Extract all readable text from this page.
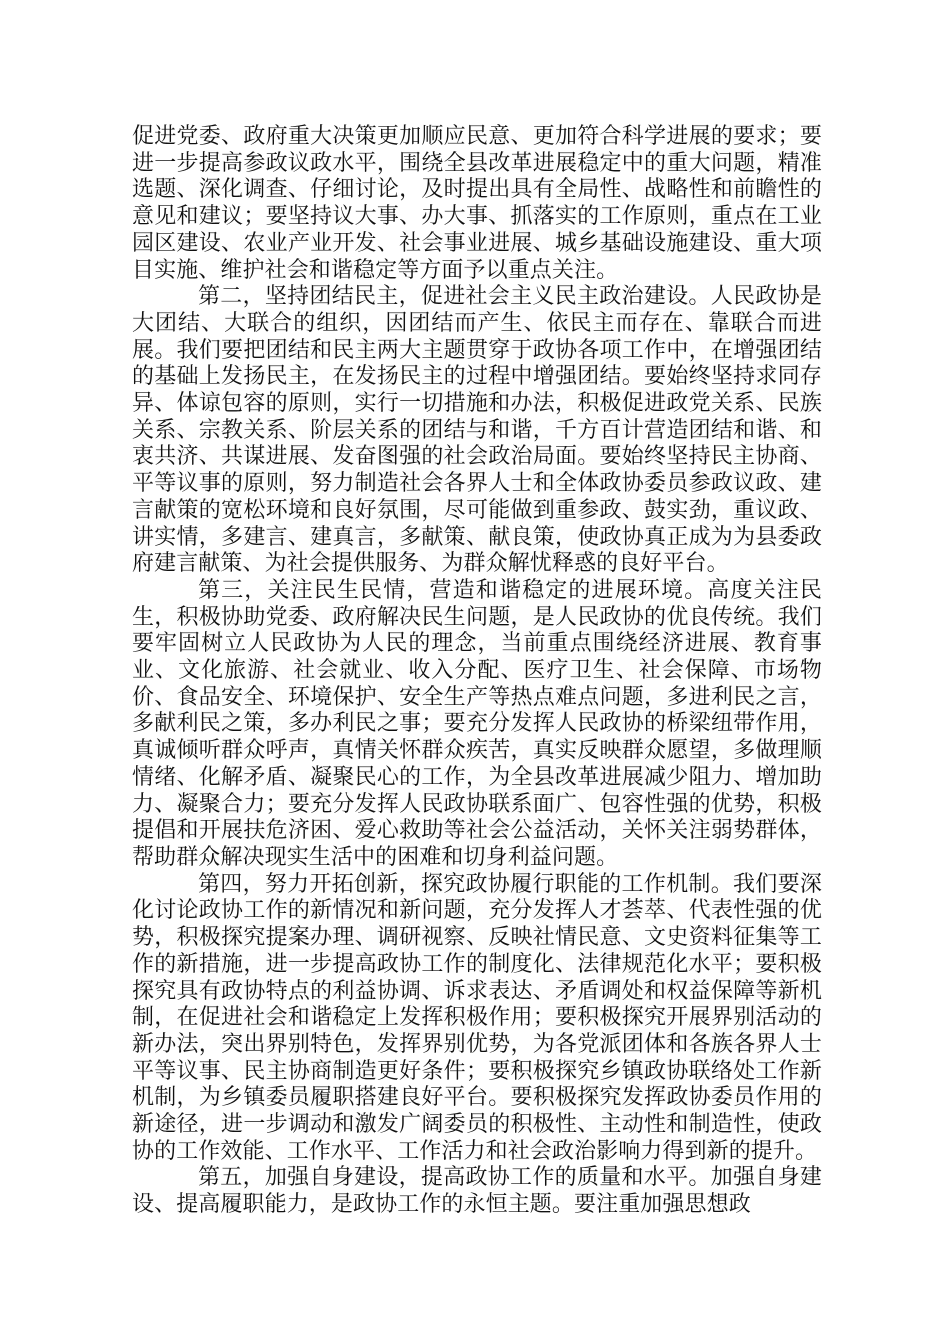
促进党委、政府重大决策更加顺应民意、更加符合科学进展的要求；要进一步提高参政议政水平，围绕全县改革进展稳定中的重大问题，精准选题、深化调查、仔细讨论，及时提出具有全局性、战略性和前瞻性的意见和建议；要坚持议大事、办大事、抓落实的工作原则，重点在工业园区建设、农业产业开发、社会事业进展、城乡基础设施建设、重大项目实施、维护社会和谐稳定等方面予以重点关注。

第二，坚持团结民主，促进社会主义民主政治建设。人民政协是大团结、大联合的组织，因团结而产生、依民主而存在、靠联合而进展。我们要把团结和民主两大主题贯穿于政协各项工作中，在增强团结的基础上发扬民主，在发扬民主的过程中增强团结。要始终坚持求同存异、体谅包容的原则，实行一切措施和办法，积极促进政党关系、民族关系、宗教关系、阶层关系的团结与和谐，千方百计营造团结和谐、和衷共济、共谋进展、发奋图强的社会政治局面。要始终坚持民主协商、平等议事的原则，努力制造社会各界人士和全体政协委员参政议政、建言献策的宽松环境和良好氛围，尽可能做到重参政、鼓实劲，重议政、讲实情，多建言、建真言，多献策、献良策，使政协真正成为为县委政府建言献策、为社会提供服务、为群众解忧释惑的良好平台。

第三，关注民生民情，营造和谐稳定的进展环境。高度关注民生，积极协助党委、政府解决民生问题，是人民政协的优良传统。我们要牢固树立人民政协为人民的理念，当前重点围绕经济进展、教育事业、文化旅游、社会就业、收入分配、医疗卫生、社会保障、市场物价、食品安全、环境保护、安全生产等热点难点问题，多进利民之言，多献利民之策，多办利民之事；要充分发挥人民政协的桥梁纽带作用，真诚倾听群众呼声，真情关怀群众疾苦，真实反映群众愿望，多做理顺情绪、化解矛盾、凝聚民心的工作，为全县改革进展减少阻力、增加助力、凝聚合力；要充分发挥人民政协联系面广、包容性强的优势，积极提倡和开展扶危济困、爱心救助等社会公益活动，关怀关注弱势群体，帮助群众解决现实生活中的困难和切身利益问题。

第四，努力开拓创新，探究政协履行职能的工作机制。我们要深化讨论政协工作的新情况和新问题，充分发挥人才荟萃、代表性强的优势，积极探究提案办理、调研视察、反映社情民意、文史资料征集等工作的新措施，进一步提高政协工作的制度化、法律规范化水平；要积极探究具有政协特点的利益协调、诉求表达、矛盾调处和权益保障等新机制，在促进社会和谐稳定上发挥积极作用；要积极探究开展界别活动的新办法，突出界别特色，发挥界别优势，为各党派团体和各族各界人士平等议事、民主协商制造更好条件；要积极探究乡镇政协联络处工作新机制，为乡镇委员履职搭建良好平台。要积极探究发挥政协委员作用的新途径，进一步调动和激发广阔委员的积极性、主动性和制造性，使政协的工作效能、工作水平、工作活力和社会政治影响力得到新的提升。

第五，加强自身建设，提高政协工作的质量和水平。加强自身建设、提高履职能力，是政协工作的永恒主题。要注重加强思想政
